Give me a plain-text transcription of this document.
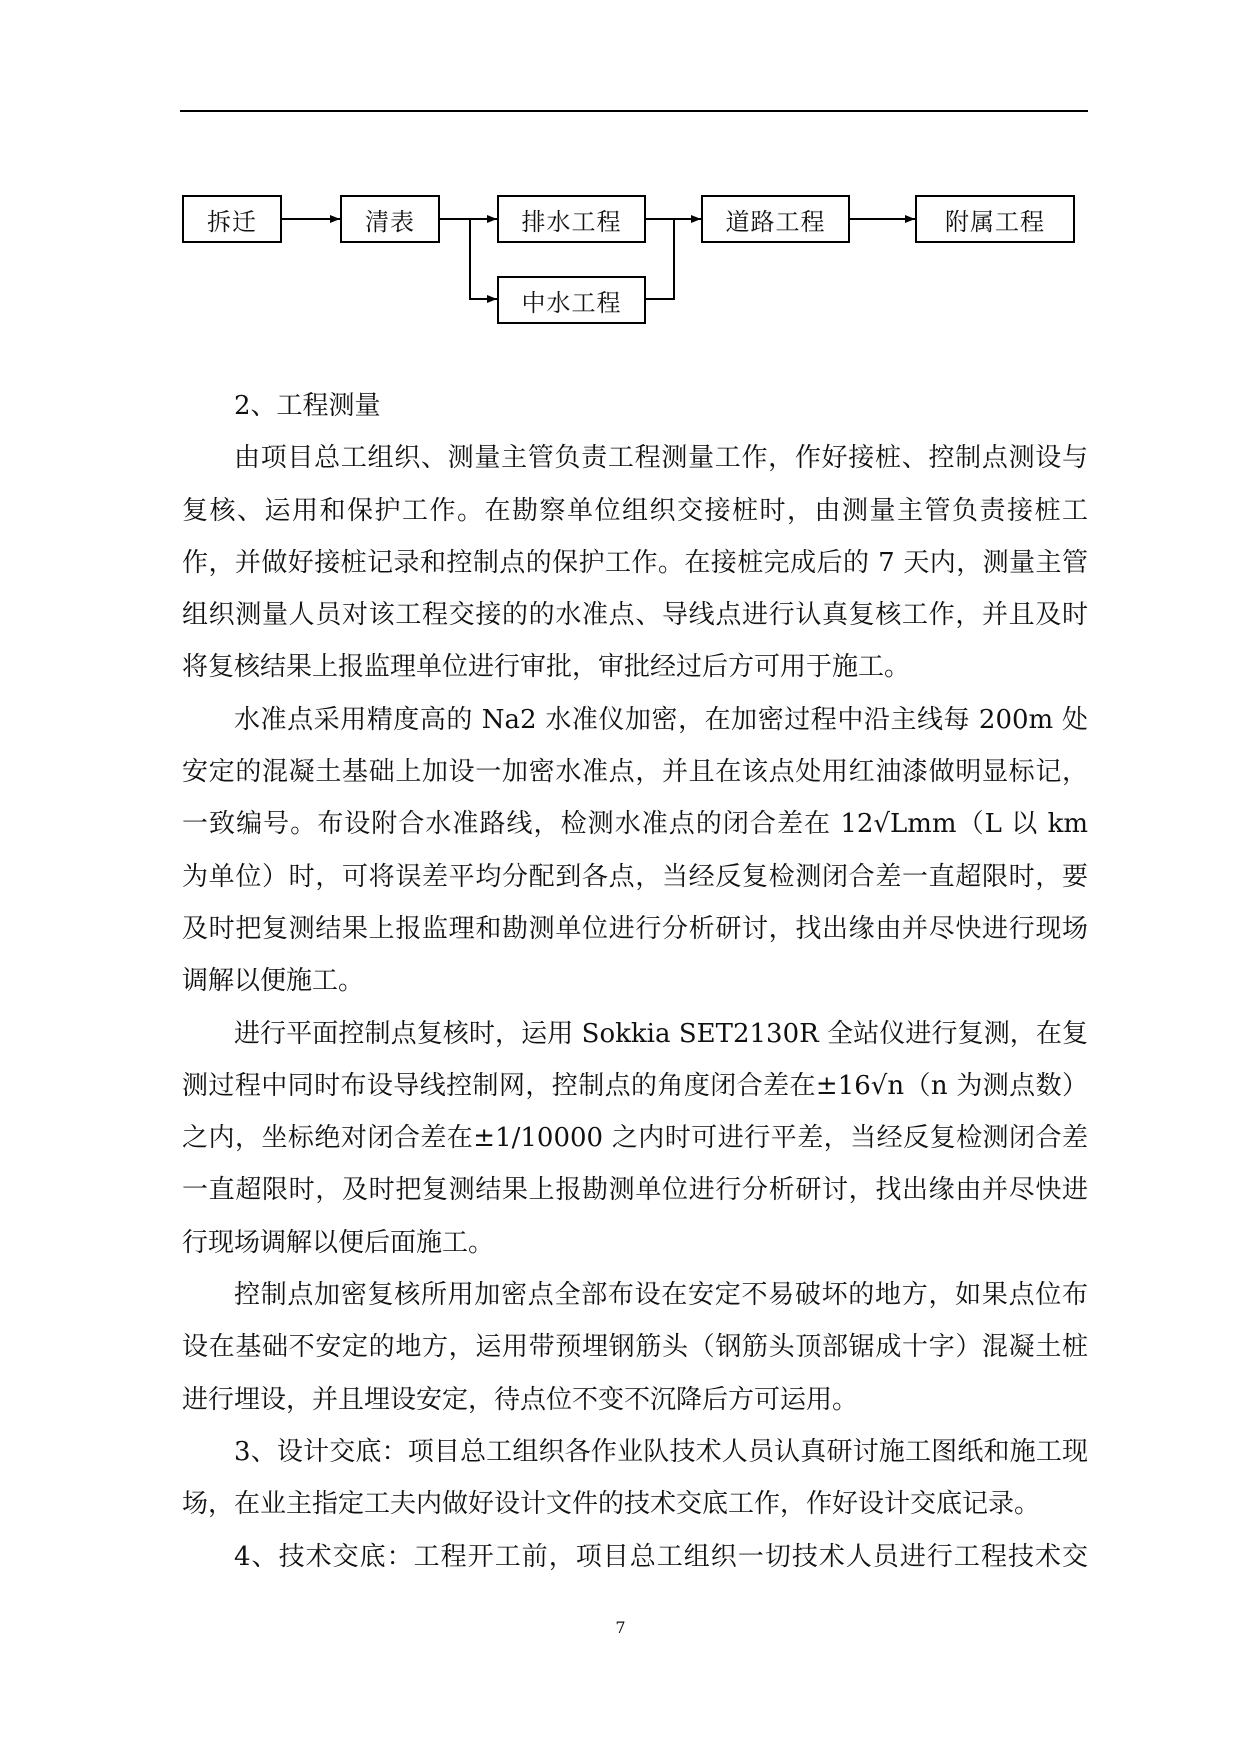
拆迁	清表	排水工程
中水工程
道路工程	附属工程

2、工程测量

由项目总工组织、测量主管负责工程测量工作，作好接桩、控制点测设与复核、运用和保护工作。在勘察单位组织交接桩时，由测量主管负责接桩工作，并做好接桩记录和控制点的保护工作。在接桩完成后的 7 天内，测量主管组织测量人员对该工程交接的的水准点、导线点进行认真复核工作，并且及时将复核结果上报监理单位进行审批，审批经过后方可用于施工。

水准点采用精度高的 Na2 水准仪加密，在加密过程中沿主线每 200m 处安定的混凝土基础上加设一加密水准点，并且在该点处用红油漆做明显标记，一致编号。布设附合水准路线，检测水准点的闭合差在 12√Lmm（L 以 km 为单位）时，可将误差平均分配到各点，当经反复检测闭合差一直超限时，要及时把复测结果上报监理和勘测单位进行分析研讨，找出缘由并尽快进行现场调解以便施工。

进行平面控制点复核时，运用 Sokkia SET2130R 全站仪进行复测，在复测过程中同时布设导线控制网，控制点的角度闭合差在±16√n（n 为测点数）之内，坐标绝对闭合差在±1/10000 之内时可进行平差，当经反复检测闭合差一直超限时，及时把复测结果上报勘测单位进行分析研讨，找出缘由并尽快进行现场调解以便后面施工。

控制点加密复核所用加密点全部布设在安定不易破坏的地方，如果点位布设在基础不安定的地方，运用带预埋钢筋头（钢筋头顶部锯成十字）混凝土桩进行埋设，并且埋设安定，待点位不变不沉降后方可运用。

3、设计交底：项目总工组织各作业队技术人员认真研讨施工图纸和施工现场，在业主指定工夫内做好设计文件的技术交底工作，作好设计交底记录。

4、技术交底：工程开工前，项目总工组织一切技术人员进行工程技术交

7
